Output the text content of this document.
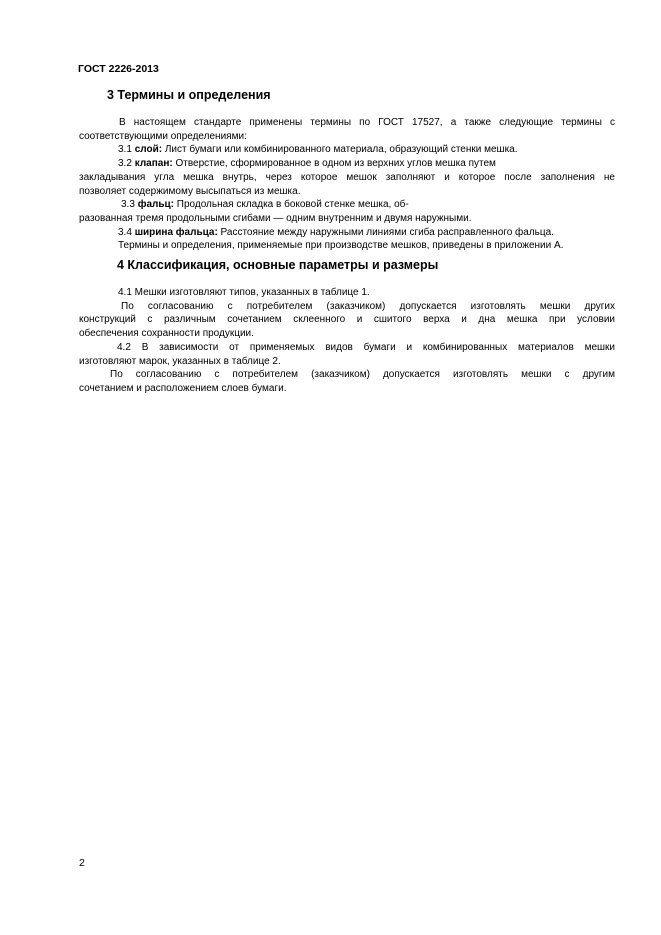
ГОСТ 2226-2013
3 Термины и определения

В настоящем стандарте применены термины по ГОСТ 17527, а также следующие термины с

соответствующими определениями:

3.1 слой: Лист бумаги или комбинированного материала, образующий стенки мешка.

3.2 клапан: Отверстие, сформированное в одном из верхних углов мешка путем

закладывания угла мешка внутрь, через которое мешок заполняют и которое после заполнения не

позволяет содержимому высыпаться из мешка.

3.3 фальц: Продольная складка в боковой стенке мешка, об-

разованная тремя продольными сгибами — одним внутренним и двумя наружными.

3.4 ширина фальца: Расстояние между наружными линиями сгиба расправленного фальца.

Термины и определения, применяемые при производстве мешков, приведены в приложении А.

4 Классификация, основные параметры и размеры

4.1 Мешки изготовляют типов, указанных в таблице 1.

По согласованию с потребителем (заказчиком) допускается изготовлять мешки других

конструкций с различным сочетанием склеенного и сшитого верха и дна мешка при условии

обеспечения сохранности продукции.

4.2 В зависимости от применяемых видов бумаги и комбинированных материалов мешки

изготовляют марок, указанных в таблице 2.

По согласованию с потребителем (заказчиком) допускается изготовлять мешки с другим

сочетанием и расположением слоев бумаги.

2
